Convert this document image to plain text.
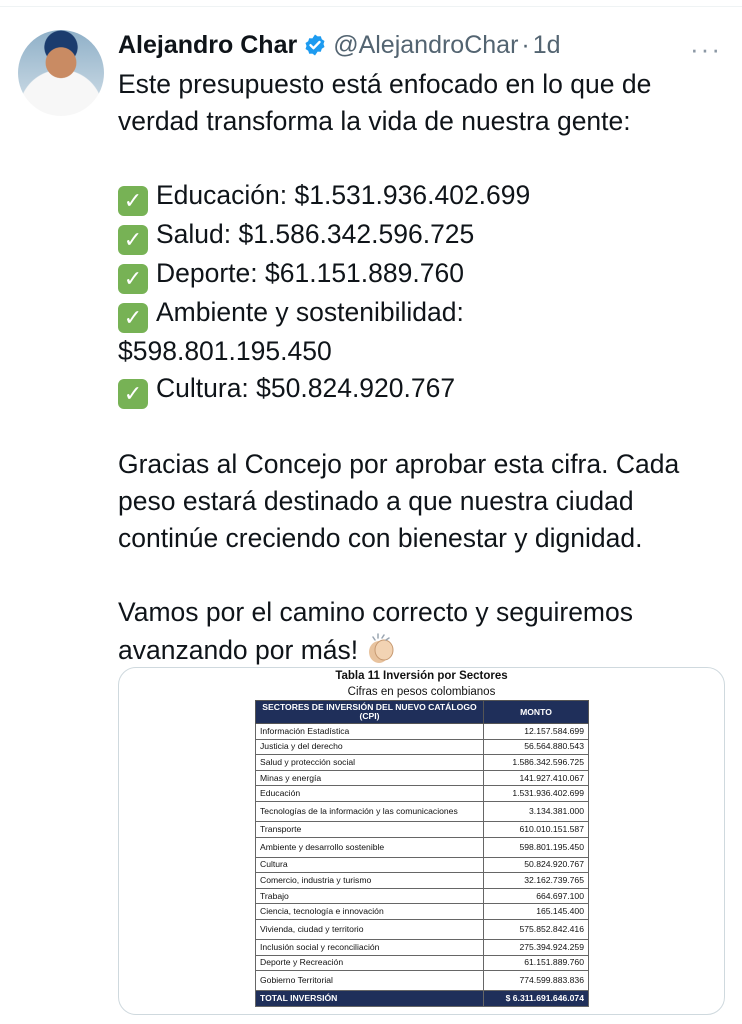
Alejandro Char @AlejandroChar · 1d	···
Este presupuesto está enfocado en lo que de
verdad transforma la vida de nuestra gente:
✓ Educación: $1.531.936.402.699
✓ Salud: $1.586.342.596.725
✓ Deporte: $61.151.889.760
✓ Ambiente y sostenibilidad:
$598.801.195.450
✓ Cultura: $50.824.920.767
Gracias al Concejo por aprobar esta cifra. Cada
peso estará destinado a que nuestra ciudad
continúe creciendo con bienestar y dignidad.
Vamos por el camino correcto y seguiremos
avanzando por más!
Tabla 11 Inversión por Sectores
Cifras en pesos colombianos
SECTORES DE INVERSIÓN DEL NUEVO CATÁLOGO (CPI)	MONTO
Información Estadística	12.157.584.699
Justicia y del derecho	56.564.880.543
Salud y protección social	1.586.342.596.725
Minas y energía	141.927.410.067
Educación	1.531.936.402.699
Tecnologías de la información y las comunicaciones	3.134.381.000
Transporte	610.010.151.587
Ambiente y desarrollo sostenible	598.801.195.450
Cultura	50.824.920.767
Comercio, industria y turismo	32.162.739.765
Trabajo	664.697.100
Ciencia, tecnología e innovación	165.145.400
Vivienda, ciudad y territorio	575.852.842.416
Inclusión social y reconciliación	275.394.924.259
Deporte y Recreación	61.151.889.760
Gobierno Territorial	774.599.883.836
TOTAL INVERSIÓN	$ 6.311.691.646.074
